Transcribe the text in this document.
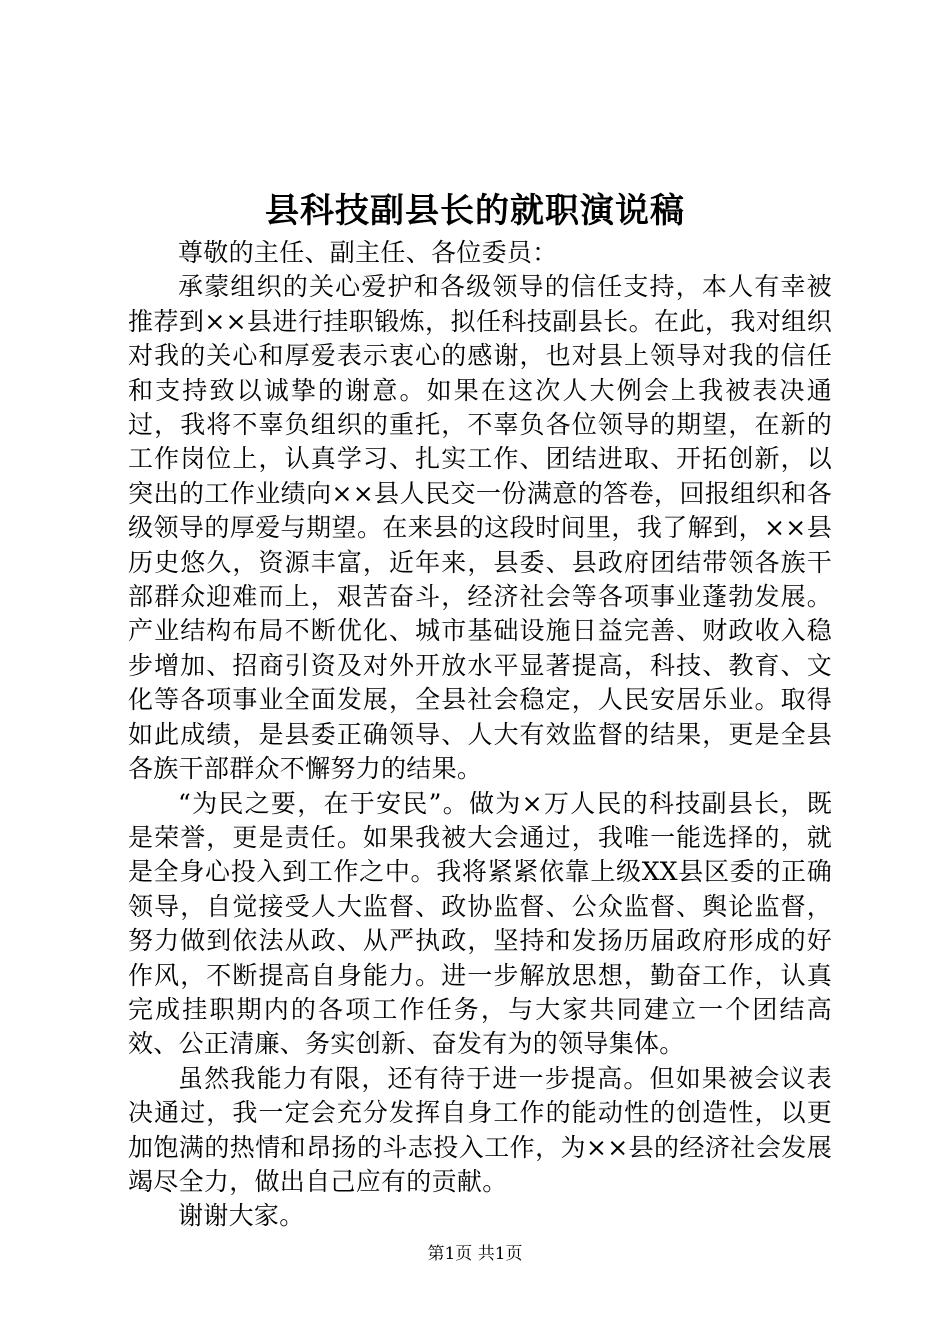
县科技副县长的就职演说稿

尊敬的主任、副主任、各位委员：

承蒙组织的关心爱护和各级领导的信任支持，本人有幸被推荐到××县进行挂职锻炼，拟任科技副县长。在此，我对组织对我的关心和厚爱表示衷心的感谢，也对县上领导对我的信任和支持致以诚挚的谢意。如果在这次人大例会上我被表决通过，我将不辜负组织的重托，不辜负各位领导的期望，在新的工作岗位上，认真学习、扎实工作、团结进取、开拓创新，以突出的工作业绩向××县人民交一份满意的答卷，回报组织和各级领导的厚爱与期望。在来县的这段时间里，我了解到，××县历史悠久，资源丰富，近年来，县委、县政府团结带领各族干部群众迎难而上，艰苦奋斗，经济社会等各项事业蓬勃发展。产业结构布局不断优化、城市基础设施日益完善、财政收入稳步增加、招商引资及对外开放水平显著提高，科技、教育、文化等各项事业全面发展，全县社会稳定，人民安居乐业。取得如此成绩，是县委正确领导、人大有效监督的结果，更是全县各族干部群众不懈努力的结果。

“为民之要，在于安民”。做为×万人民的科技副县长，既是荣誉，更是责任。如果我被大会通过，我唯一能选择的，就是全身心投入到工作之中。我将紧紧依靠上级XX县区委的正确领导，自觉接受人大监督、政协监督、公众监督、舆论监督，努力做到依法从政、从严执政，坚持和发扬历届政府形成的好作风，不断提高自身能力。进一步解放思想，勤奋工作，认真完成挂职期内的各项工作任务，与大家共同建立一个团结高效、公正清廉、务实创新、奋发有为的领导集体。

虽然我能力有限，还有待于进一步提高。但如果被会议表决通过，我一定会充分发挥自身工作的能动性的创造性，以更加饱满的热情和昂扬的斗志投入工作，为××县的经济社会发展竭尽全力，做出自己应有的贡献。

谢谢大家。

第1页 共1页
